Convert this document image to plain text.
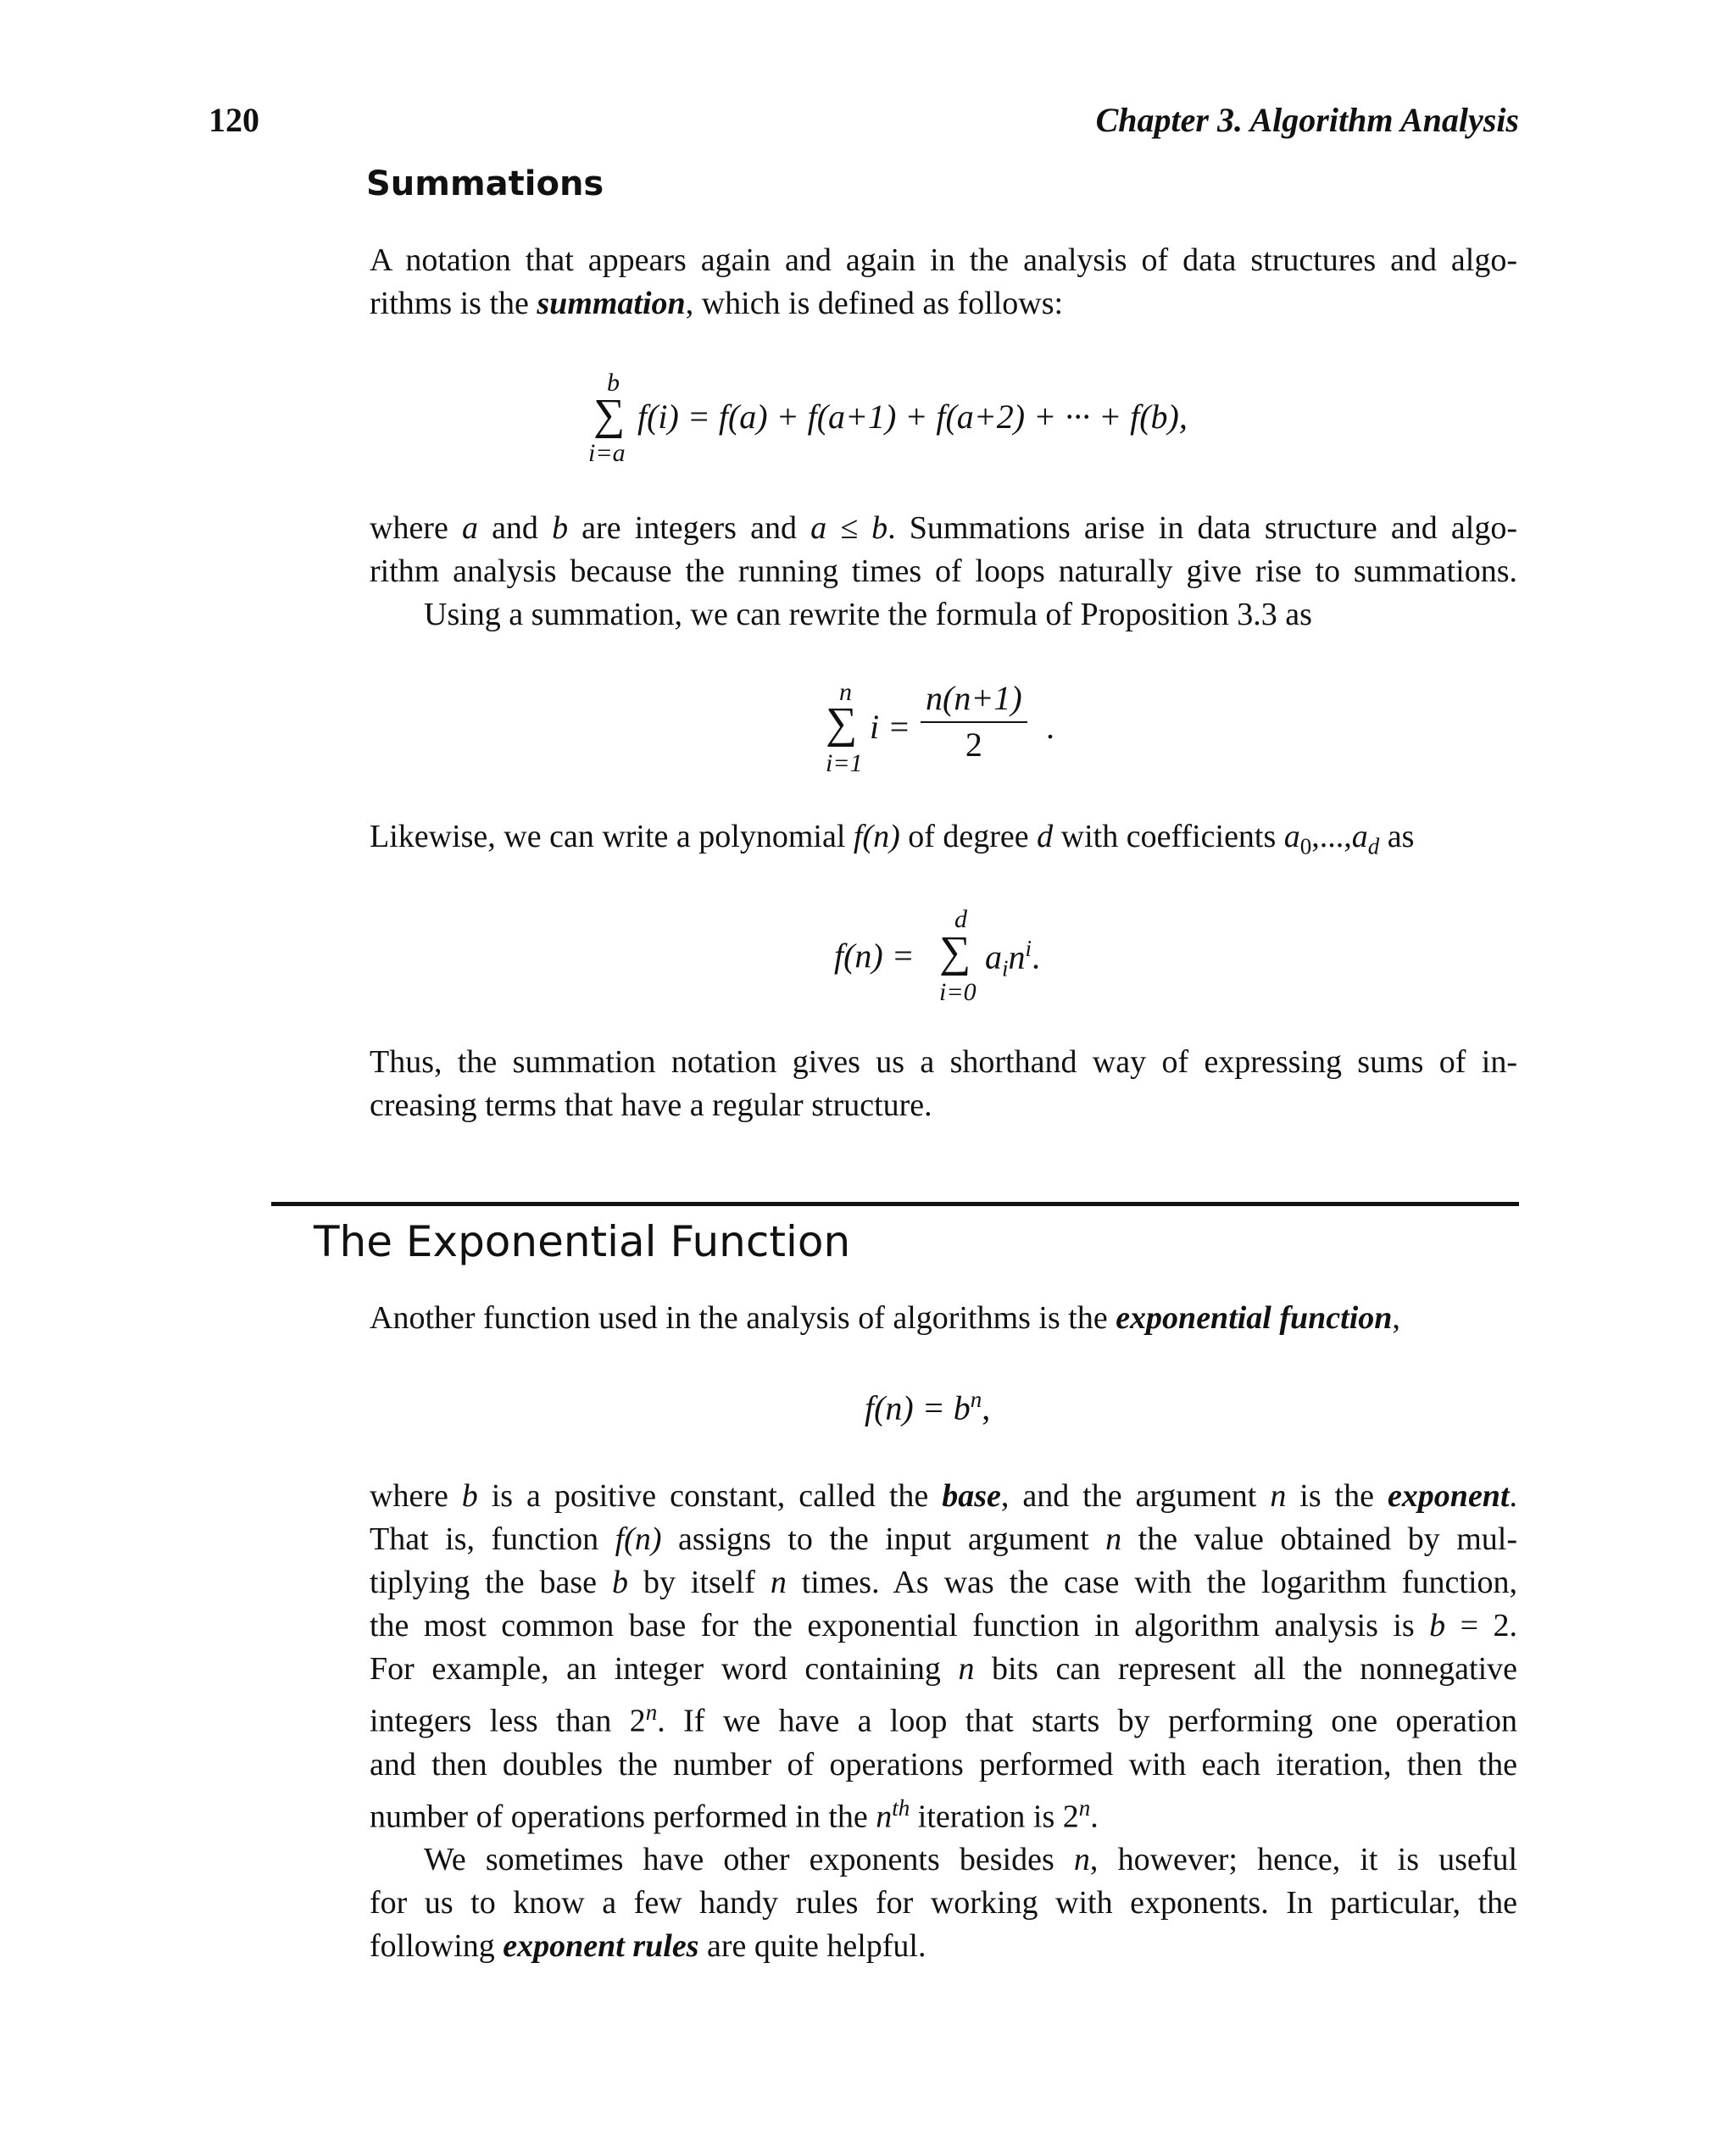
120	Chapter 3. Algorithm Analysis
Summations
A notation that appears again and again in the analysis of data structures and algo-
rithms is the summation, which is defined as follows:
b
∑
i=a
f(i) = f(a) + f(a+1) + f(a+2) + ··· + f(b),
where a and b are integers and a ≤ b. Summations arise in data structure and algo-
rithm analysis because the running times of loops naturally give rise to summations.
Using a summation, we can rewrite the formula of Proposition 3.3 as
n
∑
i=1
$i = \frac{n(n+1)}{2}$ .
Likewise, we can write a polynomial f(n) of degree d with coefficients $a_0,...,a_d$ as
f(n) =
d
∑
i=0
$a_in^i$.
Thus, the summation notation gives us a shorthand way of expressing sums of in-
creasing terms that have a regular structure.
The Exponential Function
Another function used in the analysis of algorithms is the exponential function,
$f(n) = b^n$,
where b is a positive constant, called the base, and the argument n is the exponent.
That is, function f(n) assigns to the input argument n the value obtained by mul-
tiplying the base b by itself n times. As was the case with the logarithm function,
the most common base for the exponential function in algorithm analysis is b = 2.
For example, an integer word containing n bits can represent all the nonnegative
integers less than 2$^n$. If we have a loop that starts by performing one operation
and then doubles the number of operations performed with each iteration, then the
number of operations performed in the $n^{th}$ iteration is 2$^n$.
We sometimes have other exponents besides n, however; hence, it is useful
for us to know a few handy rules for working with exponents. In particular, the
following exponent rules are quite helpful.
